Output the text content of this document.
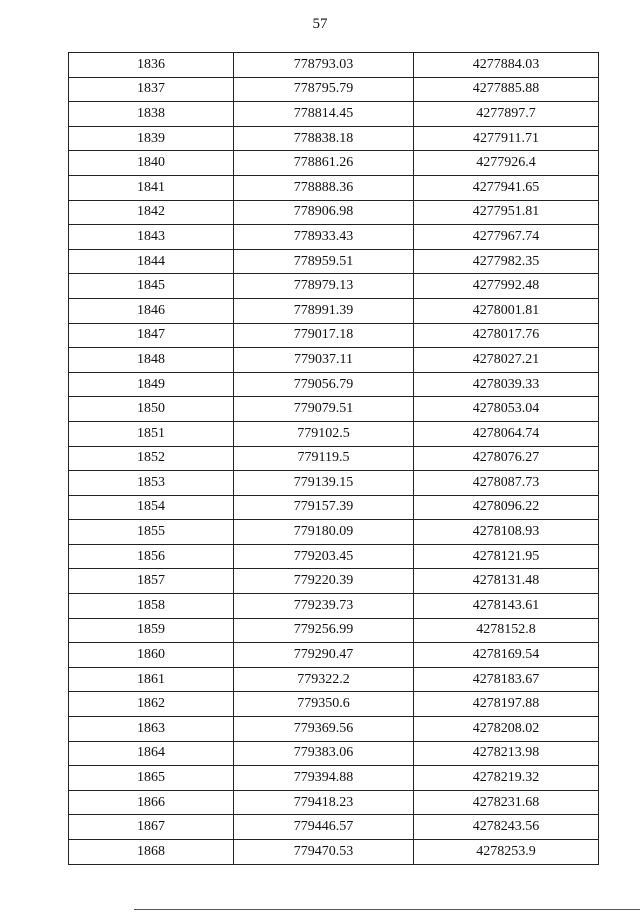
57
1836	778793.03	4277884.03
1837	778795.79	4277885.88
1838	778814.45	4277897.7
1839	778838.18	4277911.71
1840	778861.26	4277926.4
1841	778888.36	4277941.65
1842	778906.98	4277951.81
1843	778933.43	4277967.74
1844	778959.51	4277982.35
1845	778979.13	4277992.48
1846	778991.39	4278001.81
1847	779017.18	4278017.76
1848	779037.11	4278027.21
1849	779056.79	4278039.33
1850	779079.51	4278053.04
1851	779102.5	4278064.74
1852	779119.5	4278076.27
1853	779139.15	4278087.73
1854	779157.39	4278096.22
1855	779180.09	4278108.93
1856	779203.45	4278121.95
1857	779220.39	4278131.48
1858	779239.73	4278143.61
1859	779256.99	4278152.8
1860	779290.47	4278169.54
1861	779322.2	4278183.67
1862	779350.6	4278197.88
1863	779369.56	4278208.02
1864	779383.06	4278213.98
1865	779394.88	4278219.32
1866	779418.23	4278231.68
1867	779446.57	4278243.56
1868	779470.53	4278253.9
